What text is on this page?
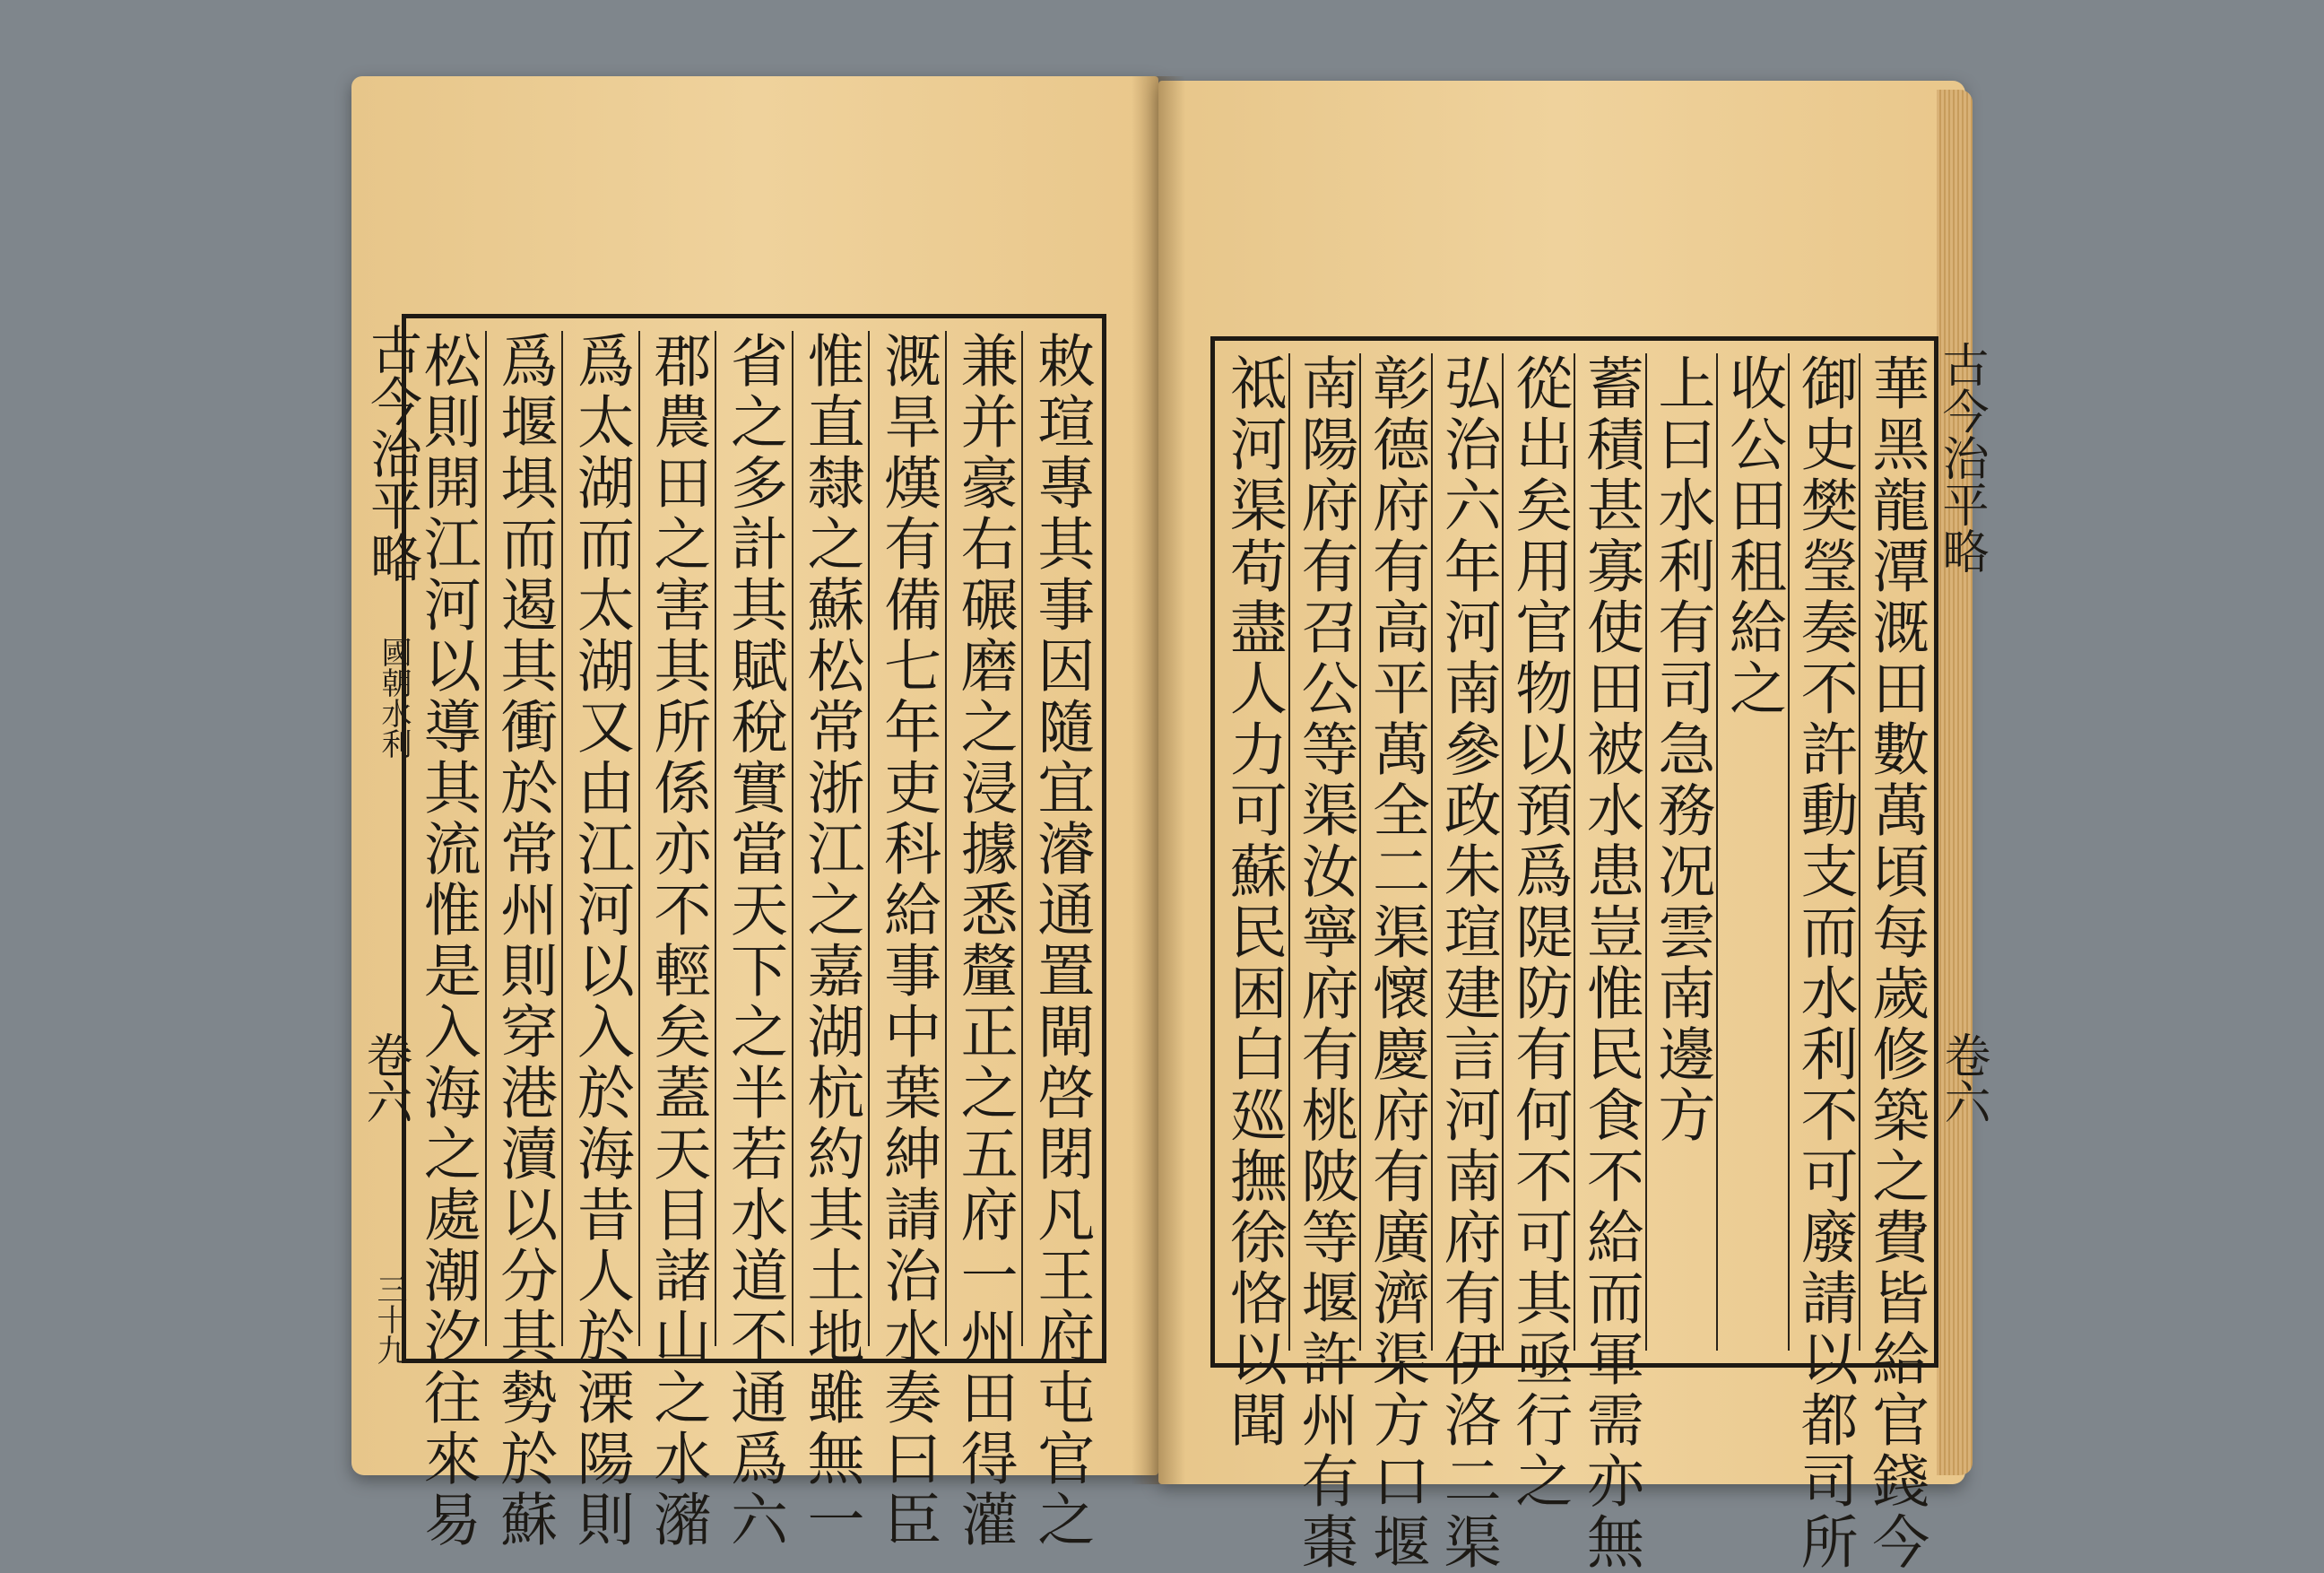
古今治平略
國朝水利
卷六
三十九	敕瑄專其事因隨宜濬通置閘啓閉凡王府屯官之
兼并豪右碾磨之浸據悉釐正之五府一州田得灌
溉旱熯有備七年吏科給事中葉紳請治水奏曰臣
惟直隸之蘇松常浙江之嘉湖杭約其土地雖無一
省之多計其賦稅實當天下之半若水道不通爲六
郡農田之害其所係亦不輕矣蓋天目諸山之水瀦
爲太湖而太湖又由江河以入於海昔人於溧陽則
爲堰埧而遏其衝於常州則穿港瀆以分其勢於蘇
松則開江河以導其流惟是入海之處潮汐往來易	華黑龍潭溉田數萬頃每歲修築之費皆給官錢今
御史樊瑩奏不許動支而水利不可廢請以都司所
收公田租給之
上曰水利有司急務况雲南邊方
蓄積甚寡使田被水患豈惟民食不給而軍需亦無
從出矣用官物以預爲隄防有何不可其亟行之
弘治六年河南參政朱瑄建言河南府有伊洛二渠
彰德府有高平萬全二渠懷慶府有廣濟渠方口堰
南陽府有召公等渠汝寧府有桃陂等堰許州有棗
祗河渠苟盡人力可蘇民困白廵撫徐恪以聞	古今治平略
卷六
